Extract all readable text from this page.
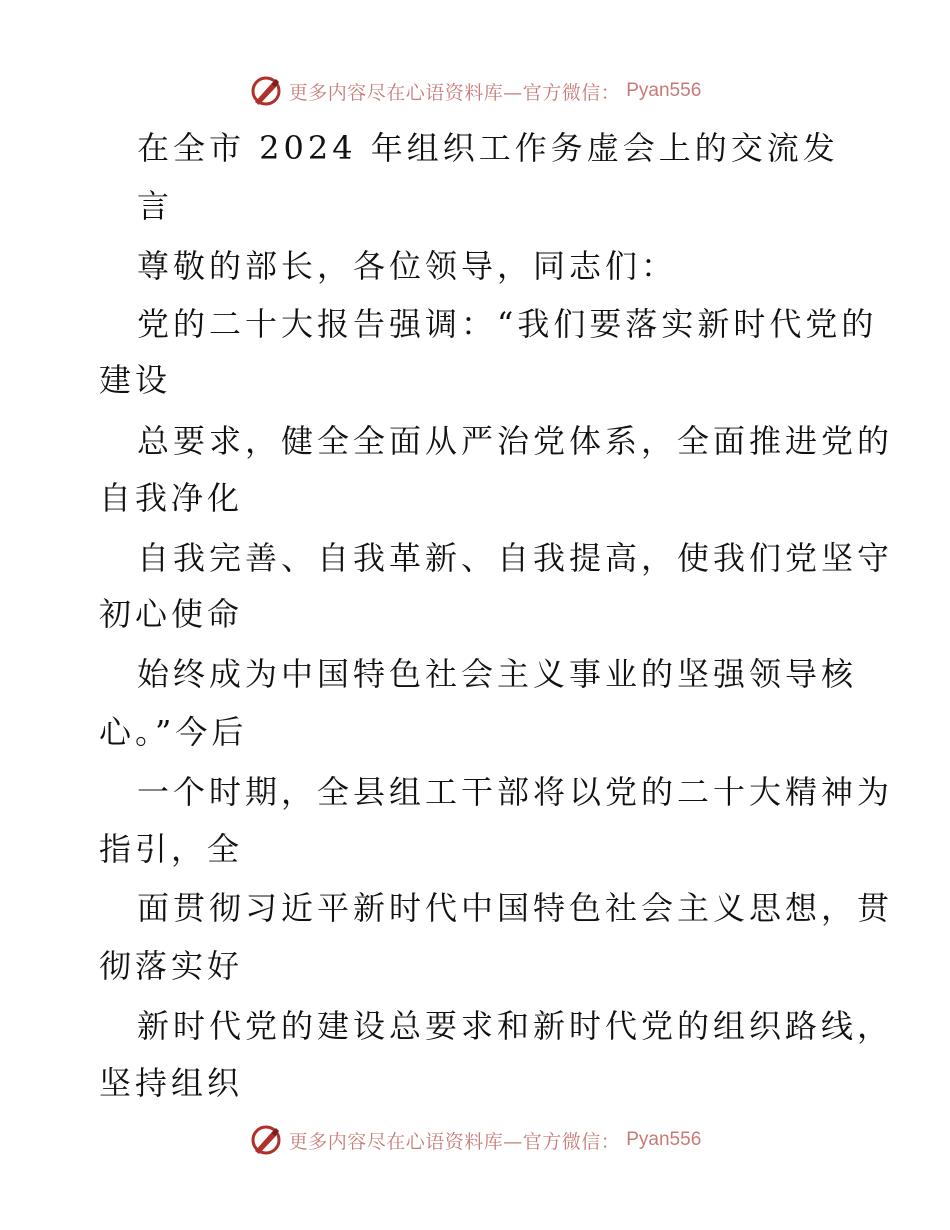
更多内容尽在心语资料库—官方微信： Pyan556
在全市 2024 年组织工作务虚会上的交流发
言
尊敬的部长，各位领导，同志们：
党的二十大报告强调：“我们要落实新时代党的
建设
总要求，健全全面从严治党体系，全面推进党的
自我净化
自我完善、自我革新、自我提高，使我们党坚守
初心使命
始终成为中国特色社会主义事业的坚强领导核
心。”今后
一个时期，全县组工干部将以党的二十大精神为
指引，全
面贯彻习近平新时代中国特色社会主义思想，贯
彻落实好
新时代党的建设总要求和新时代党的组织路线，
坚持组织
更多内容尽在心语资料库—官方微信： Pyan556
